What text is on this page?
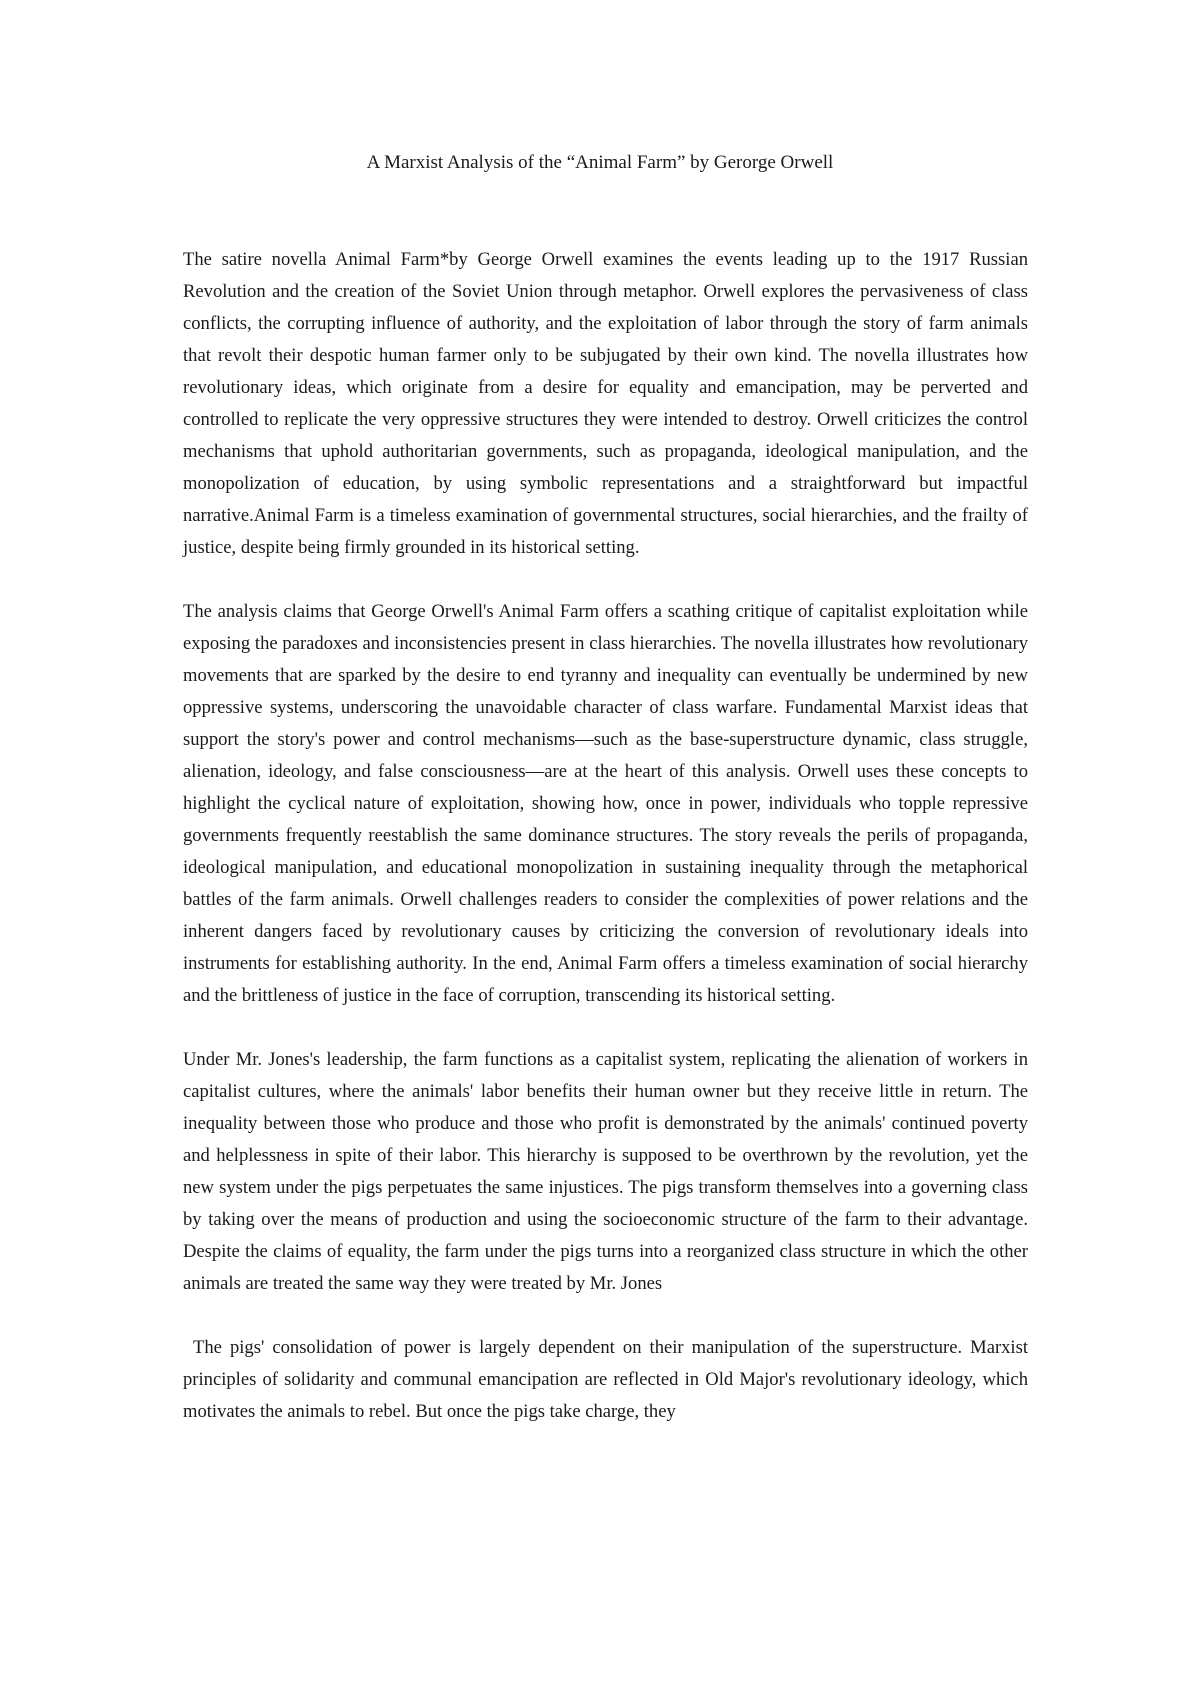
A Marxist Analysis of the “Animal Farm” by Gerorge Orwell

The satire novella Animal Farm*by George Orwell examines the events leading up to the 1917 Russian Revolution and the creation of the Soviet Union through metaphor. Orwell explores the pervasiveness of class conflicts, the corrupting influence of authority, and the exploitation of labor through the story of farm animals that revolt their despotic human farmer only to be subjugated by their own kind. The novella illustrates how revolutionary ideas, which originate from a desire for equality and emancipation, may be perverted and controlled to replicate the very oppressive structures they were intended to destroy. Orwell criticizes the control mechanisms that uphold authoritarian governments, such as propaganda, ideological manipulation, and the monopolization of education, by using symbolic representations and a straightforward but impactful narrative.Animal Farm is a timeless examination of governmental structures, social hierarchies, and the frailty of justice, despite being firmly grounded in its historical setting.

The analysis claims that George Orwell's Animal Farm offers a scathing critique of capitalist exploitation while exposing the paradoxes and inconsistencies present in class hierarchies. The novella illustrates how revolutionary movements that are sparked by the desire to end tyranny and inequality can eventually be undermined by new oppressive systems, underscoring the unavoidable character of class warfare. Fundamental Marxist ideas that support the story's power and control mechanisms—such as the base-superstructure dynamic, class struggle, alienation, ideology, and false consciousness—are at the heart of this analysis. Orwell uses these concepts to highlight the cyclical nature of exploitation, showing how, once in power, individuals who topple repressive governments frequently reestablish the same dominance structures. The story reveals the perils of propaganda, ideological manipulation, and educational monopolization in sustaining inequality through the metaphorical battles of the farm animals. Orwell challenges readers to consider the complexities of power relations and the inherent dangers faced by revolutionary causes by criticizing the conversion of revolutionary ideals into instruments for establishing authority. In the end, Animal Farm offers a timeless examination of social hierarchy and the brittleness of justice in the face of corruption, transcending its historical setting.

Under Mr. Jones's leadership, the farm functions as a capitalist system, replicating the alienation of workers in capitalist cultures, where the animals' labor benefits their human owner but they receive little in return. The inequality between those who produce and those who profit is demonstrated by the animals' continued poverty and helplessness in spite of their labor. This hierarchy is supposed to be overthrown by the revolution, yet the new system under the pigs perpetuates the same injustices. The pigs transform themselves into a governing class by taking over the means of production and using the socioeconomic structure of the farm to their advantage. Despite the claims of equality, the farm under the pigs turns into a reorganized class structure in which the other animals are treated the same way they were treated by Mr. Jones

The pigs' consolidation of power is largely dependent on their manipulation of the superstructure. Marxist principles of solidarity and communal emancipation are reflected in Old Major's revolutionary ideology, which motivates the animals to rebel. But once the pigs take charge, they
